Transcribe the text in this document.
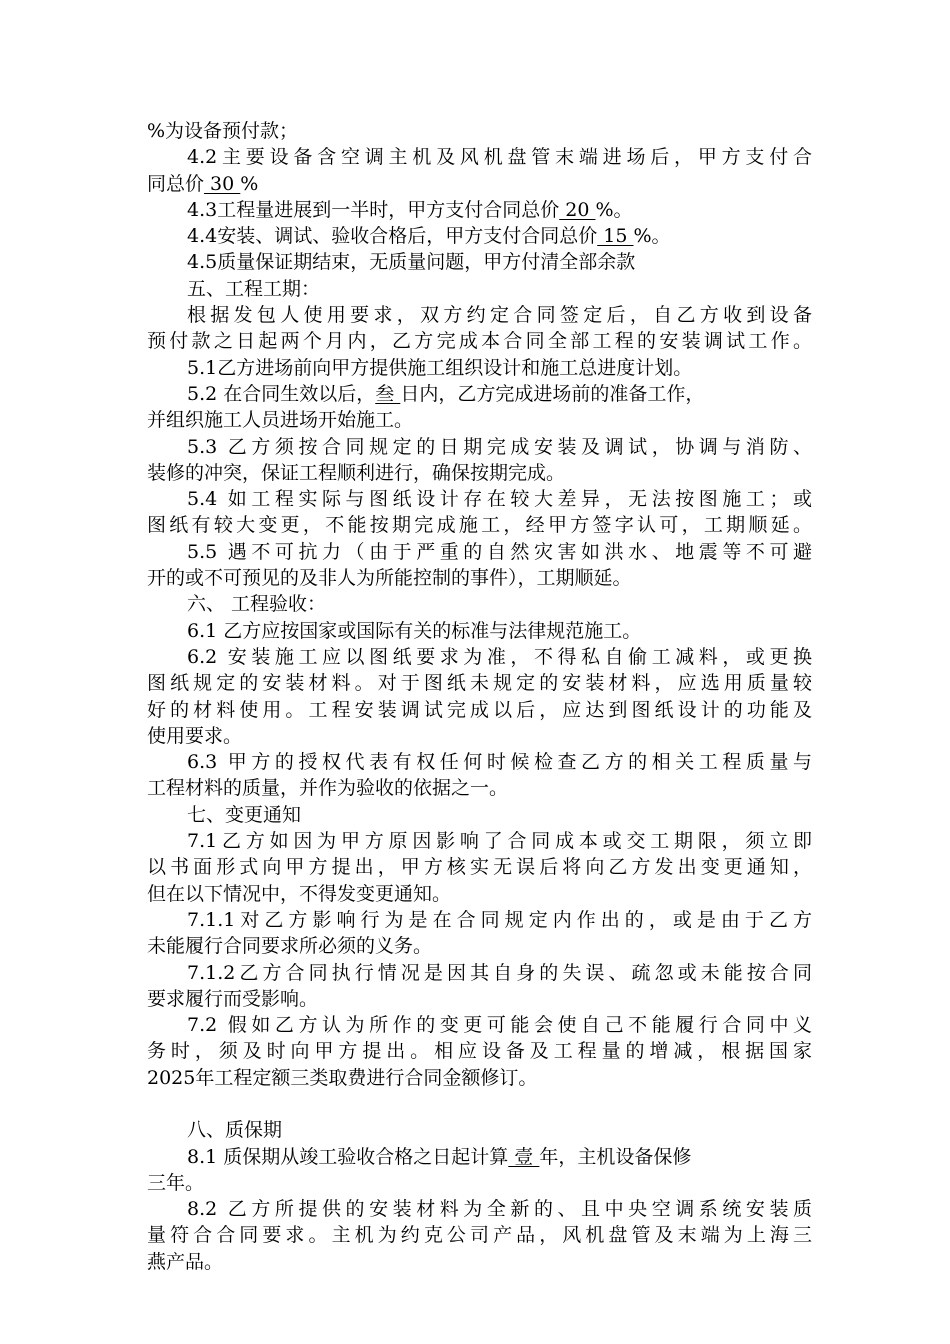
%为设备预付款；
4.2主要设备含空调主机及风机盘管末端进场后，甲方支付合
同总价 30 %
4.3工程量进展到一半时，甲方支付合同总价 20 %。
4.4安装、调试、验收合格后，甲方支付合同总价 15 %。
4.5质量保证期结束，无质量问题，甲方付清全部余款
五、工程工期：
根据发包人使用要求，双方约定合同签定后，自乙方收到设备
预付款之日起两个月内，乙方完成本合同全部工程的安装调试工作。
5.1乙方进场前向甲方提供施工组织设计和施工总进度计划。
5.2 在合同生效以后，叁 日内，乙方完成进场前的准备工作，
并组织施工人员进场开始施工。
5.3 乙方须按合同规定的日期完成安装及调试，协调与消防、
装修的冲突，保证工程顺利进行，确保按期完成。
5.4 如工程实际与图纸设计存在较大差异，无法按图施工；或
图纸有较大变更，不能按期完成施工，经甲方签字认可，工期顺延。
5.5 遇不可抗力（由于严重的自然灾害如洪水、地震等不可避
开的或不可预见的及非人为所能控制的事件），工期顺延。
六、 工程验收：
6.1 乙方应按国家或国际有关的标准与法律规范施工。
6.2 安装施工应以图纸要求为准，不得私自偷工减料，或更换
图纸规定的安装材料。对于图纸未规定的安装材料，应选用质量较
好的材料使用。工程安装调试完成以后，应达到图纸设计的功能及
使用要求。
6.3 甲方的授权代表有权任何时候检查乙方的相关工程质量与
工程材料的质量，并作为验收的依据之一。
七、变更通知
7.1乙方如因为甲方原因影响了合同成本或交工期限，须立即
以书面形式向甲方提出，甲方核实无误后将向乙方发出变更通知，
但在以下情况中，不得发变更通知。
7.1.1对乙方影响行为是在合同规定内作出的，或是由于乙方
未能履行合同要求所必须的义务。
7.1.2乙方合同执行情况是因其自身的失误、疏忽或未能按合同
要求履行而受影响。
7.2 假如乙方认为所作的变更可能会使自己不能履行合同中义
务时，须及时向甲方提出。相应设备及工程量的增减，根据国家
2025年工程定额三类取费进行合同金额修订。
八、质保期
8.1 质保期从竣工验收合格之日起计算 壹 年，主机设备保修
三年。
8.2 乙方所提供的安装材料为全新的、且中央空调系统安装质
量符合合同要求。主机为约克公司产品，风机盘管及末端为上海三
燕产品。
